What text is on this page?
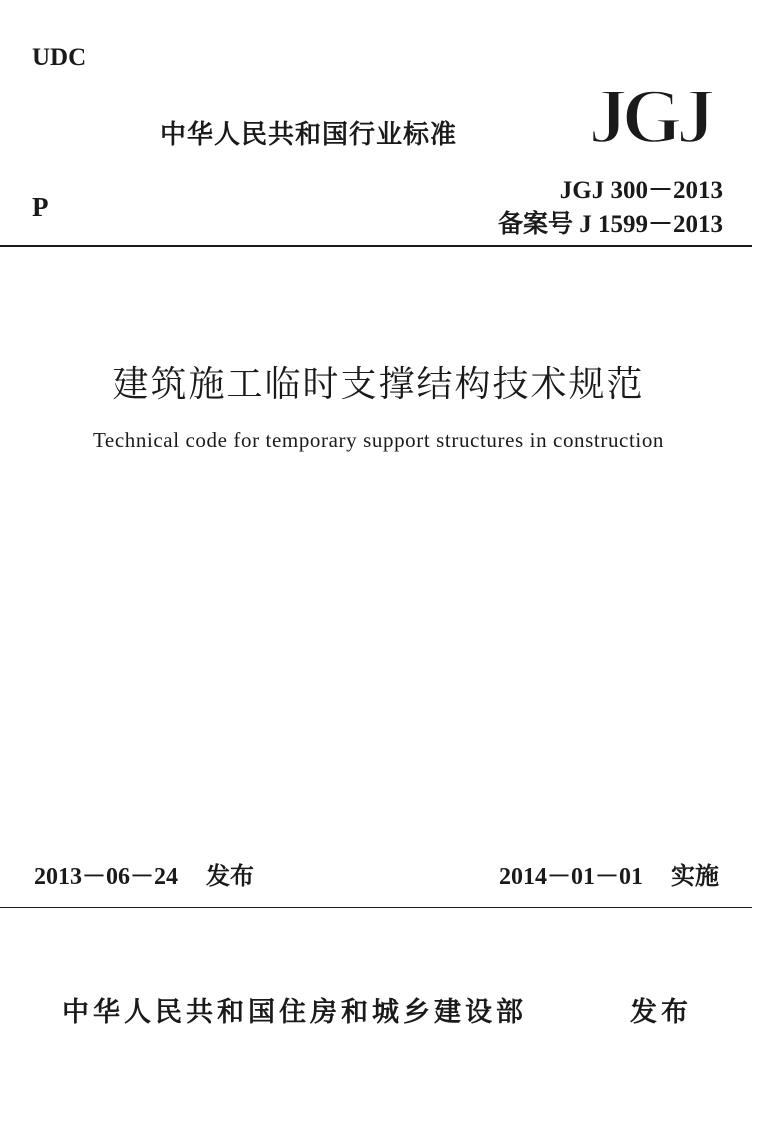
UDC
中华人民共和国行业标准 JGJ
JGJ 300－2013
P
备案号 J 1599－2013
建筑施工临时支撑结构技术规范
Technical code for temporary support structures in construction
2013－06－24 发布	2014－01－01 实施
中华人民共和国住房和城乡建设部	发布
